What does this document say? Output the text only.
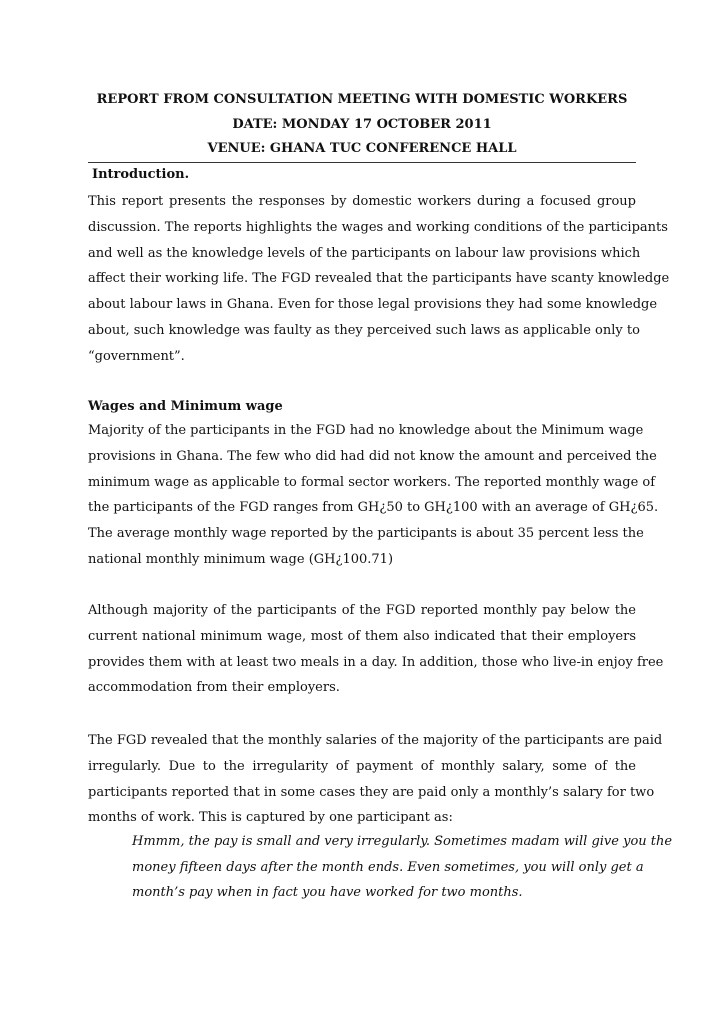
REPORT FROM CONSULTATION MEETING WITH DOMESTIC WORKERS
DATE: MONDAY 17 OCTOBER 2011
VENUE: GHANA TUC CONFERENCE HALL
Introduction.
This report presents the responses by domestic workers during a focused group
discussion. The reports highlights the wages and working conditions of the participants
and well as the knowledge levels of the participants on labour law provisions which
affect their working life. The FGD revealed that the participants have scanty knowledge
about labour laws in Ghana. Even for those legal provisions they had some knowledge
about, such knowledge was faulty as they perceived such laws as applicable only to
“government”.
Wages and Minimum wage
Majority of the participants in the FGD had no knowledge about the Minimum wage
provisions in Ghana. The few who did had did not know the amount and perceived the
minimum wage as applicable to formal sector workers. The reported monthly wage of
the participants of the FGD ranges from GH¿50 to GH¿100 with an average of GH¿65.
The average monthly wage reported by the participants is about 35 percent less the
national monthly minimum wage (GH¿100.71)
Although majority of the participants of the FGD reported monthly pay below the
current national minimum wage, most of them also indicated that their employers
provides them with at least two meals in a day. In addition, those who live-in enjoy free
accommodation from their employers.
The FGD revealed that the monthly salaries of the majority of the participants are paid
irregularly. Due to the irregularity of payment of monthly salary, some of the
participants reported that in some cases they are paid only a monthly’s salary for two
months of work. This is captured by one participant as:
Hmmm, the pay is small and very irregularly. Sometimes madam will give you the
money fifteen days after the month ends. Even sometimes, you will only get a
month’s pay when in fact you have worked for two months.
